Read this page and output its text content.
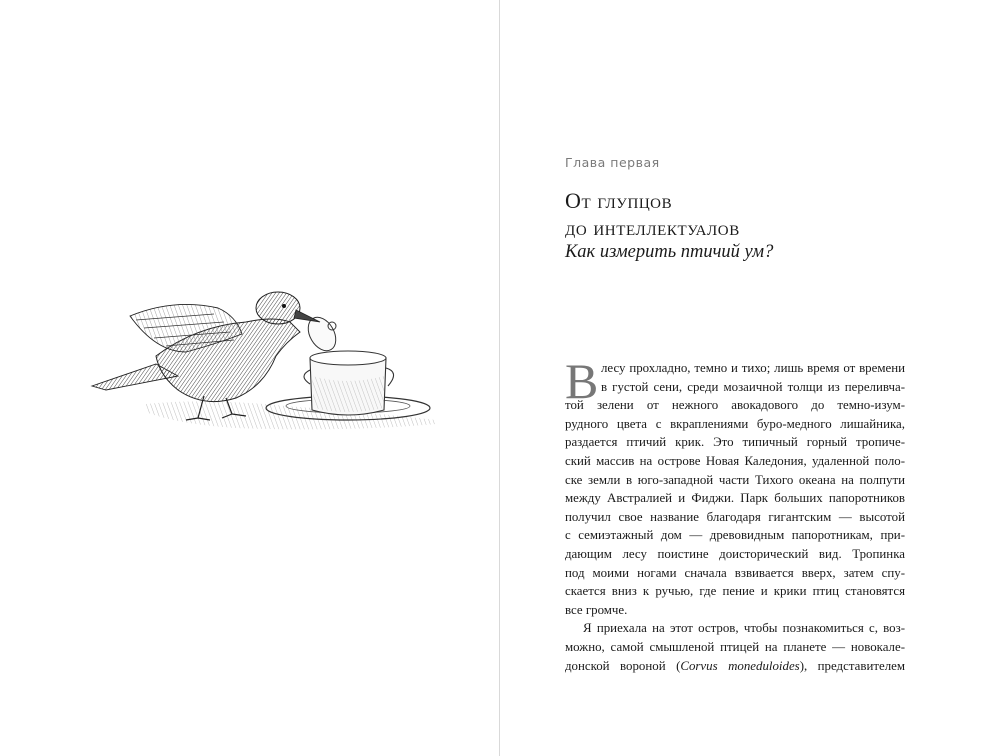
Глава первая
От глупцов
до интеллектуалов
Как измерить птичий ум?
В лесу прохладно, темно и тихо; лишь время от времени
в густой сени, среди мозаичной толщи из переливча-
той зелени от нежного авокадового до темно-изум-
рудного цвета с вкраплениями буро-медного лишайника,
раздается птичий крик. Это типичный горный тропиче-
ский массив на острове Новая Каледония, удаленной поло-
ске земли в юго-западной части Тихого океана на полпути
между Австралией и Фиджи. Парк больших папоротников
получил свое название благодаря гигантским — высотой
с семиэтажный дом — древовидным папоротникам, при-
дающим лесу поистине доисторический вид. Тропинка
под моими ногами сначала взвивается вверх, затем спу-
скается вниз к ручью, где пение и крики птиц становятся
все громче.
Я приехала на этот остров, чтобы познакомиться с, воз-
можно, самой смышленой птицей на планете — новокале-
донской вороной (Corvus moneduloides), представителем
